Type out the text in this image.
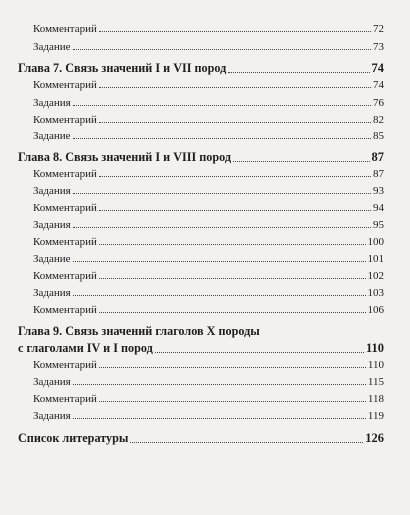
Комментарий	72
Задание	73
Глава 7. Связь значений I и VII пород	74
Комментарий	74
Задания	76
Комментарий	82
Задание	85
Глава 8. Связь значений I и VIII пород	87
Комментарий	87
Задания	93
Комментарий	94
Задания	95
Комментарий	100
Задание	101
Комментарий	102
Задания	103
Комментарий	106
Глава 9. Связь значений глаголов X породы
с глаголами IV и I пород	110
Комментарий	110
Задания	115
Комментарий	118
Задания	119
Список литературы	126
